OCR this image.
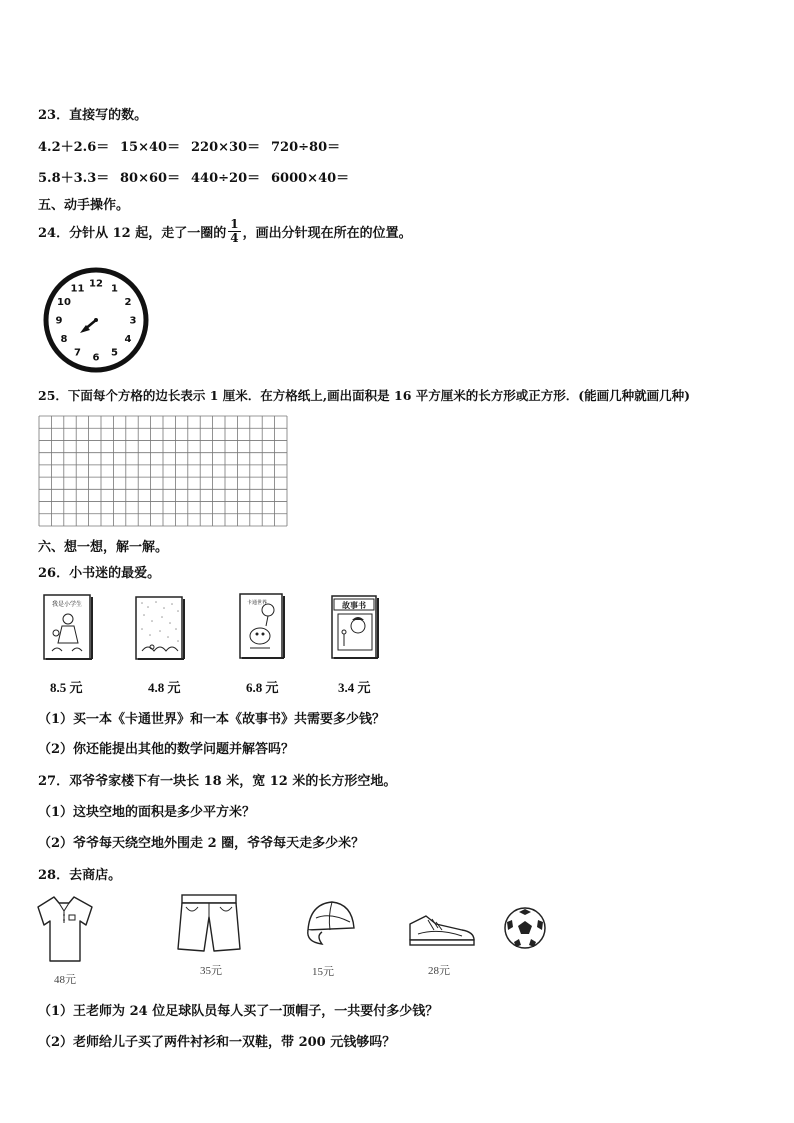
23．直接写的数。
4.2＋2.6＝ 15×40＝ 220×30＝ 720÷80＝
5.8＋3.3＝ 80×60＝ 440÷20＝ 6000×40＝
五、动手操作。
24．分针从 12 起，走了一圈的 $\frac{1}{4}$ ，画出分针现在所在的位置。
12 1
2
3
4
5
6
7
8
9
10
11
25．下面每个方格的边长表示 1 厘米．在方格纸上,画出面积是 16 平方厘米的长方形或正方形．(能画几种就画几种)
六、想一想，解一解。
26．小书迷的最爱。
我是小学生	卡通世界	故事书
8.5 元	4.8 元	6.8 元	3.4 元
（1）买一本《卡通世界》和一本《故事书》共需要多少钱？
（2）你还能提出其他的数学问题并解答吗？
27．邓爷爷家楼下有一块长 18 米，宽 12 米的长方形空地。
（1）这块空地的面积是多少平方米？
（2）爷爷每天绕空地外围走 2 圈，爷爷每天走多少米？
28．去商店。
48元
35元	15元	28元
（1）王老师为 24 位足球队员每人买了一顶帽子，一共要付多少钱？
（2）老师给儿子买了两件衬衫和一双鞋，带 200 元钱够吗？
